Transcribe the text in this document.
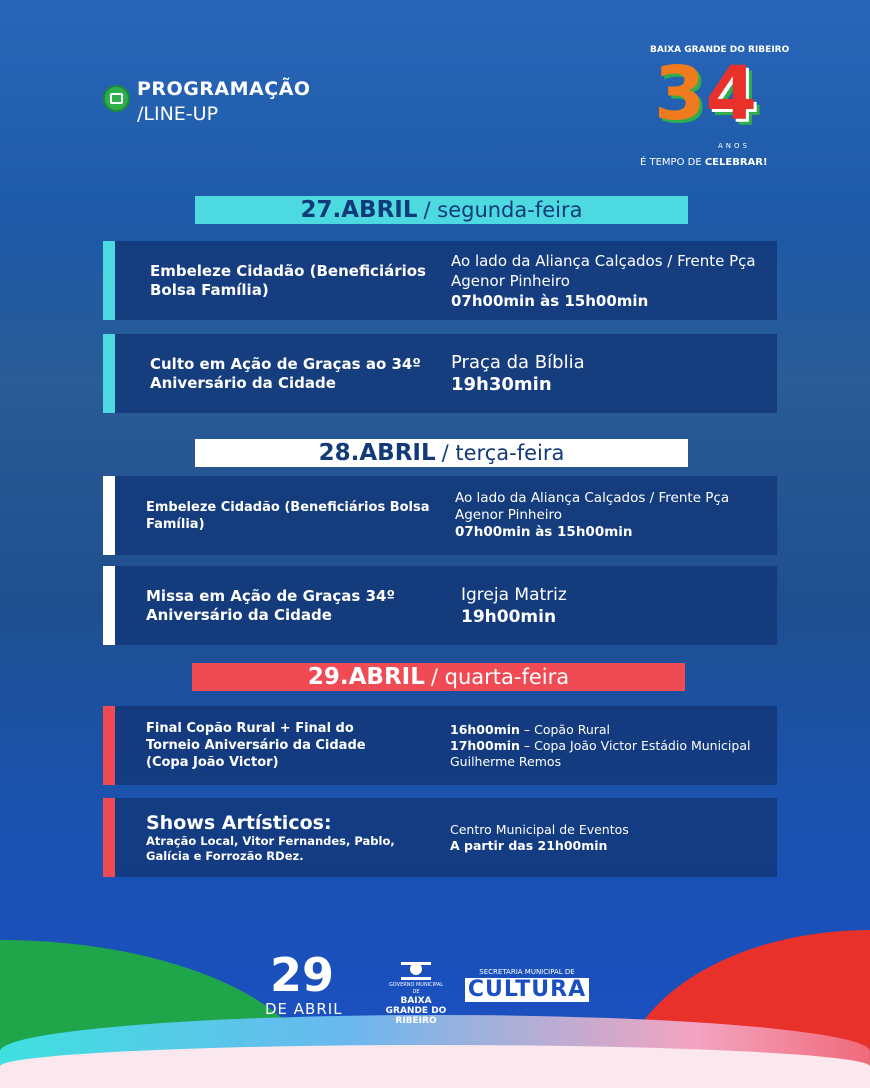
PROGRAMAÇÃO
/LINE-UP
BAIXA GRANDE DO RIBEIRO
34
ANOS
É TEMPO DE CELEBRAR!
27.ABRIL / segunda-feira
Embeleze Cidadão (Beneficiários Bolsa Família)
Ao lado da Aliança Calçados / Frente Pça Agenor Pinheiro
07h00min às 15h00min
Culto em Ação de Graças ao 34º Aniversário da Cidade
Praça da Bíblia
19h30min
28.ABRIL / terça-feira
Embeleze Cidadão (Beneficiários Bolsa Família)
Ao lado da Aliança Calçados / Frente Pça Agenor Pinheiro
07h00min às 15h00min
Missa em Ação de Graças 34º Aniversário da Cidade
Igreja Matriz
19h00min
29.ABRIL / quarta-feira
Final Copão Rural + Final do Torneio Aniversário da Cidade (Copa João Victor)
16h00min – Copão Rural
17h00min – Copa João Victor Estádio Municipal Guilherme Remos
Shows Artísticos:
Atração Local, Vitor Fernandes, Pablo, Galícia e Forrozão RDez.
Centro Municipal de Eventos
A partir das 21h00min
29
DE ABRIL
GOVERNO MUNICIPAL DE
BAIXA GRANDE DO RIBEIRO
SECRETARIA MUNICIPAL DE
CULTURA
